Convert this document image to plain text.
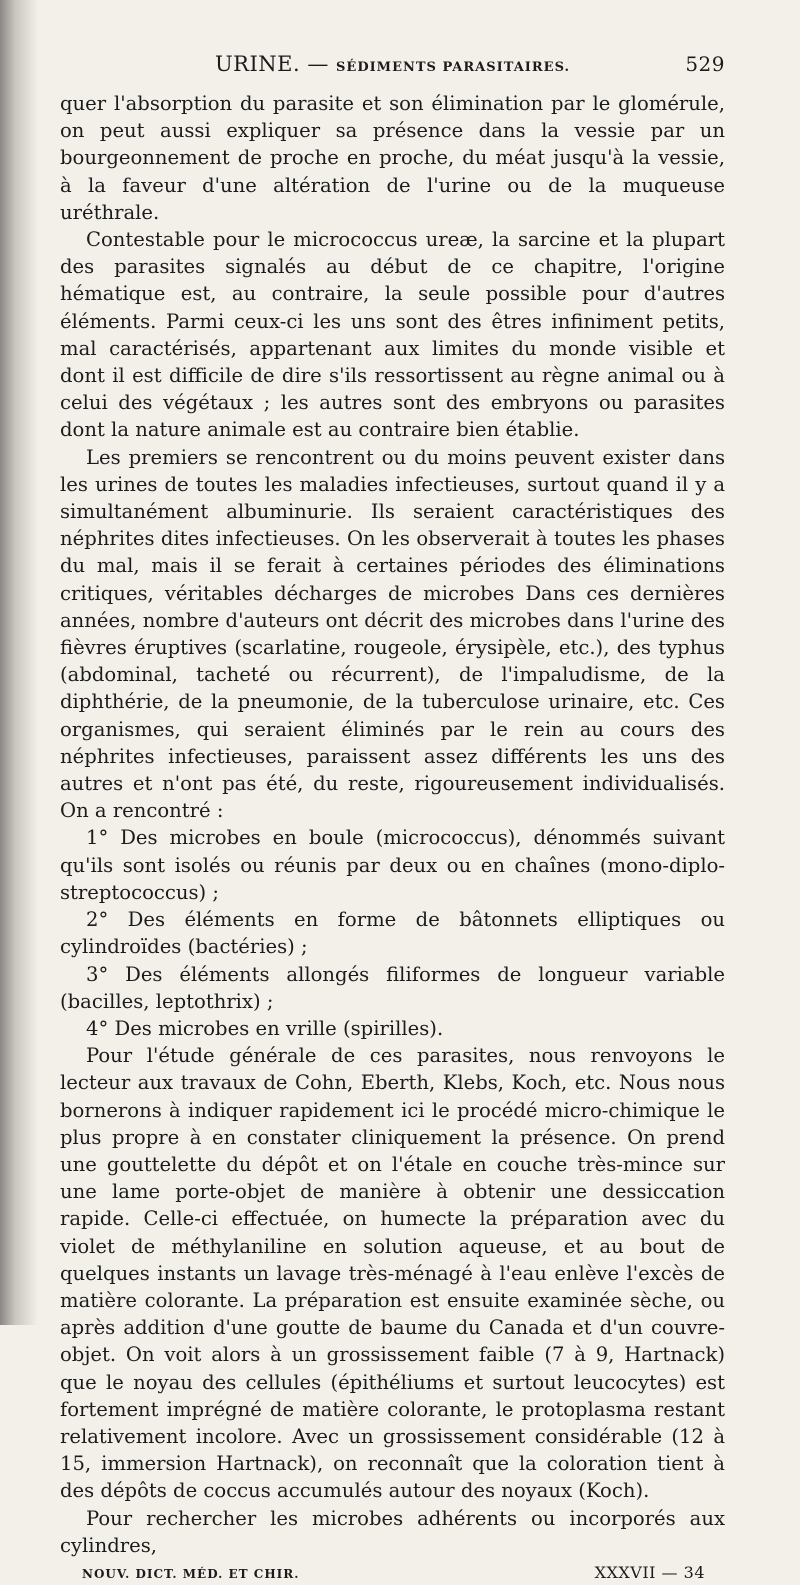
URINE. — SÉDIMENTS PARASITAIRES.	529

quer l'absorption du parasite et son élimination par le glomérule, on peut aussi expliquer sa présence dans la vessie par un bourgeonnement de proche en proche, du méat jusqu'à la vessie, à la faveur d'une altération de l'urine ou de la muqueuse uréthrale.

Contestable pour le micrococcus ureæ, la sarcine et la plupart des parasites signalés au début de ce chapitre, l'origine hématique est, au contraire, la seule possible pour d'autres éléments. Parmi ceux-ci les uns sont des êtres infiniment petits, mal caractérisés, appartenant aux limites du monde visible et dont il est difficile de dire s'ils ressortissent au règne animal ou à celui des végétaux ; les autres sont des embryons ou parasites dont la nature animale est au contraire bien établie.

Les premiers se rencontrent ou du moins peuvent exister dans les urines de toutes les maladies infectieuses, surtout quand il y a simultanément albuminurie. Ils seraient caractéristiques des néphrites dites infectieuses. On les observerait à toutes les phases du mal, mais il se ferait à certaines périodes des éliminations critiques, véritables décharges de microbes Dans ces dernières années, nombre d'auteurs ont décrit des microbes dans l'urine des fièvres éruptives (scarlatine, rougeole, érysipèle, etc.), des typhus (abdominal, tacheté ou récurrent), de l'impaludisme, de la diphthérie, de la pneumonie, de la tuberculose urinaire, etc. Ces organismes, qui seraient éliminés par le rein au cours des néphrites infectieuses, paraissent assez différents les uns des autres et n'ont pas été, du reste, rigoureusement individualisés. On a rencontré :

1° Des microbes en boule (micrococcus), dénommés suivant qu'ils sont isolés ou réunis par deux ou en chaînes (mono-diplo-streptococcus) ;

2° Des éléments en forme de bâtonnets elliptiques ou cylindroïdes (bactéries) ;

3° Des éléments allongés filiformes de longueur variable (bacilles, leptothrix) ;

4° Des microbes en vrille (spirilles).

Pour l'étude générale de ces parasites, nous renvoyons le lecteur aux travaux de Cohn, Eberth, Klebs, Koch, etc. Nous nous bornerons à indiquer rapidement ici le procédé micro-chimique le plus propre à en constater cliniquement la présence. On prend une gouttelette du dépôt et on l'étale en couche très-mince sur une lame porte-objet de manière à obtenir une dessiccation rapide. Celle-ci effectuée, on humecte la préparation avec du violet de méthylaniline en solution aqueuse, et au bout de quelques instants un lavage très-ménagé à l'eau enlève l'excès de matière colorante. La préparation est ensuite examinée sèche, ou après addition d'une goutte de baume du Canada et d'un couvre-objet. On voit alors à un grossissement faible (7 à 9, Hartnack) que le noyau des cellules (épithéliums et surtout leucocytes) est fortement imprégné de matière colorante, le protoplasma restant relativement incolore. Avec un grossissement considérable (12 à 15, immersion Hartnack), on reconnaît que la coloration tient à des dépôts de coccus accumulés autour des noyaux (Koch).

Pour rechercher les microbes adhérents ou incorporés aux cylindres,

NOUV. DICT. MÉD. ET CHIR.	XXXVII — 34
